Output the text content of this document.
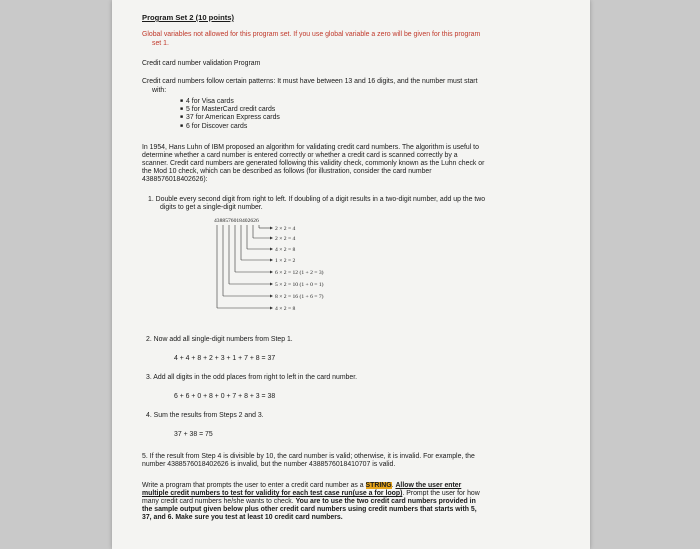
Program Set 2 (10 points)
Global variables not allowed for this program set. If you use global variable a zero will be given for this program
set 1.
Credit card number validation Program
Credit card numbers follow certain patterns: It must have between 13 and 16 digits, and the number must start
with:
■ 4 for Visa cards
■ 5 for MasterCard credit cards
■ 37 for American Express cards
■ 6 for Discover cards
In 1954, Hans Luhn of IBM proposed an algorithm for validating credit card numbers. The algorithm is useful to
determine whether a card number is entered correctly or whether a credit card is scanned correctly by a
scanner. Credit card numbers are generated following this validity check, commonly known as the Luhn check or
the Mod 10 check, which can be described as follows (for illustration, consider the card number
4388576018402626):
1. Double every second digit from right to left. If doubling of a digit results in a two-digit number, add up the two
digits to get a single-digit number.
4388576018402626
2 × 2 = 4
2 × 2 = 4
4 × 2 = 8
1 × 2 = 2
6 × 2 = 12 (1 + 2 = 3)
5 × 2 = 10 (1 + 0 = 1)
8 × 2 = 16 (1 + 6 = 7)
4 × 2 = 8
2. Now add all single-digit numbers from Step 1.
4 + 4 + 8 + 2 + 3 + 1 + 7 + 8 = 37
3. Add all digits in the odd places from right to left in the card number.
6 + 6 + 0 + 8 + 0 + 7 + 8 + 3 = 38
4. Sum the results from Steps 2 and 3.
37 + 38 = 75
5. If the result from Step 4 is divisible by 10, the card number is valid; otherwise, it is invalid. For example, the
number 4388576018402626 is invalid, but the number 4388576018410707 is valid.
Write a program that prompts the user to enter a credit card number as a STRING. Allow the user enter
multiple credit numbers to test for validity for each test case run(use a for loop). Prompt the user for how
many credit card numbers he/she wants to check. You are to use the two credit card numbers provided in
the sample output given below plus other credit card numbers using credit numbers that starts with 5,
37, and 6. Make sure you test at least 10 credit card numbers.
